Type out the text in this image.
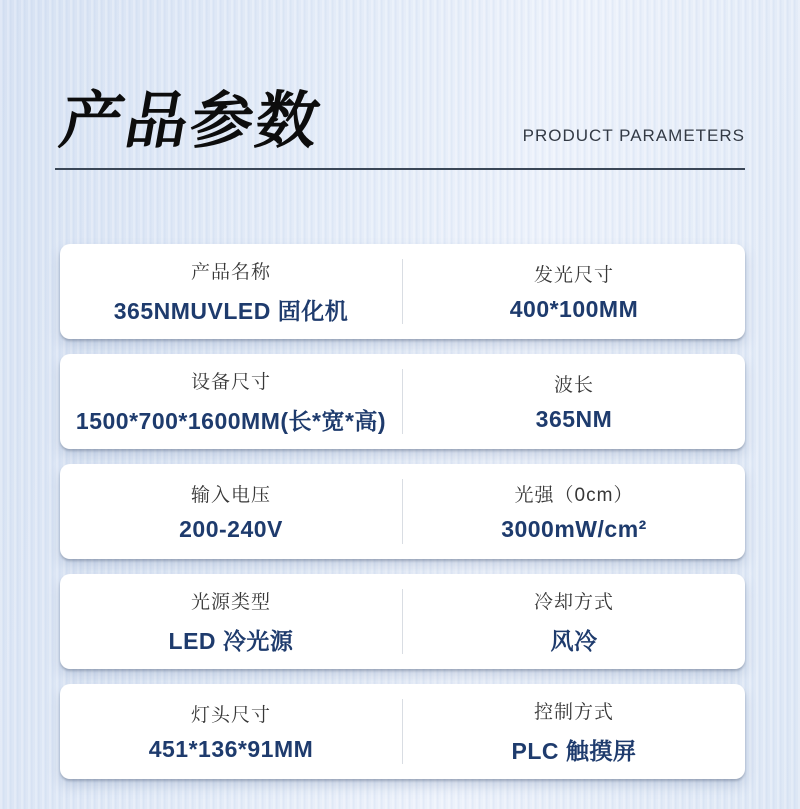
产品参数	PRODUCT PARAMETERS
产品名称
365NMUVLED 固化机
发光尺寸
400*100MM
设备尺寸
1500*700*1600MM(长*宽*高)
波长
365NM
输入电压
200-240V
光强（0cm）
3000mW/cm²
光源类型
LED 冷光源
冷却方式
风冷
灯头尺寸
451*136*91MM
控制方式
PLC 触摸屏
